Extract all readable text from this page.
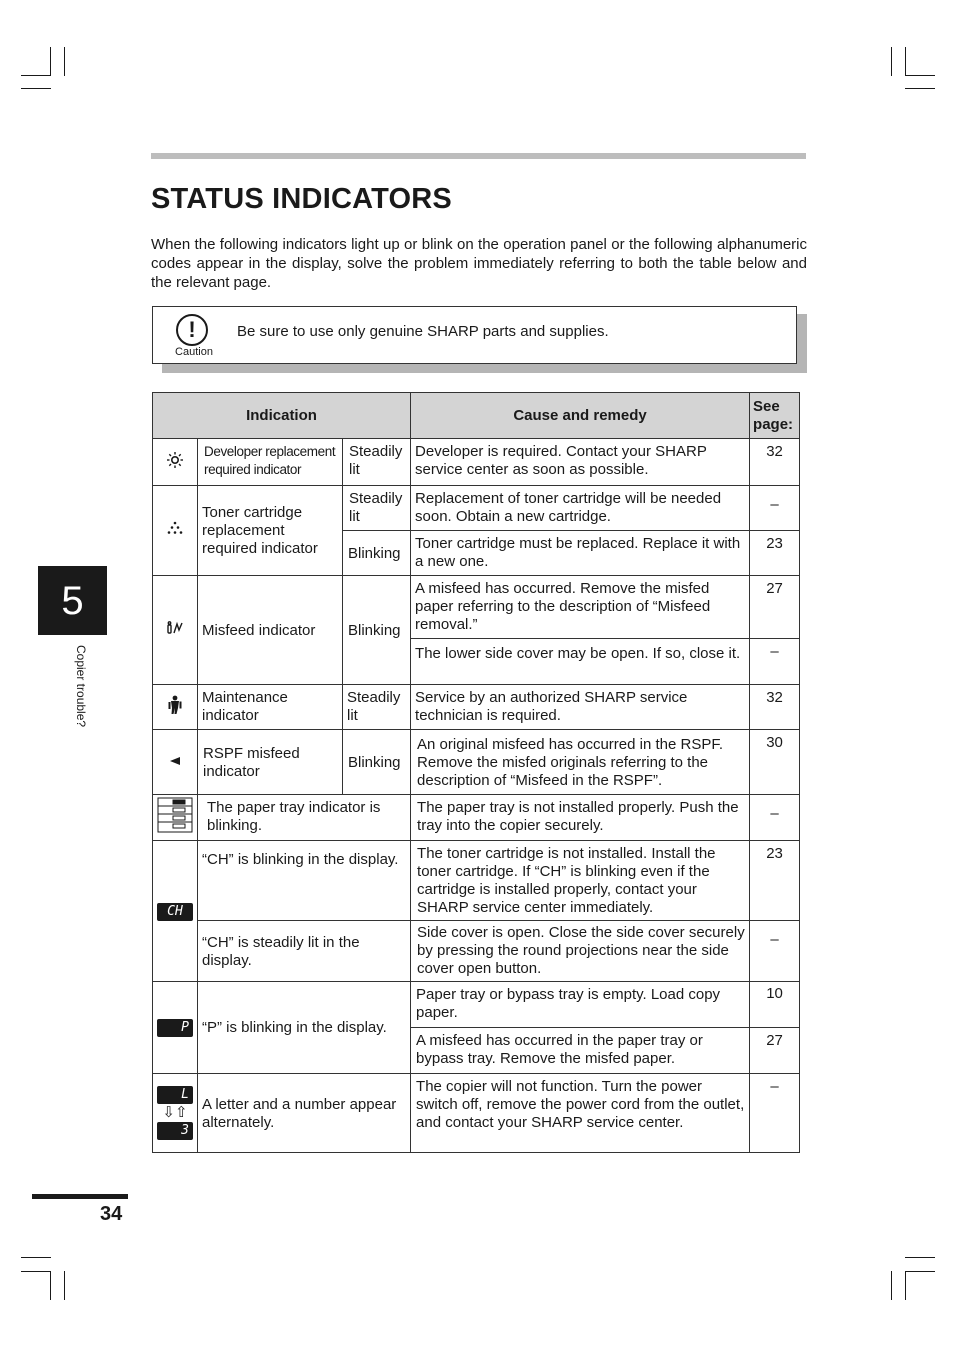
STATUS INDICATORS
When the following indicators light up or blink on the operation panel or the following alphanumeric codes appear in the display, solve the problem immediately referring to both the table below and the relevant page.
!
Caution
Be sure to use only genuine SHARP parts and supplies.
Indication			Cause and remedy	See page:
	Developer replacement required indicator	Steadily lit	Developer is required. Contact your SHARP service center as soon as possible.	32
	Toner cartridge replacement required indicator	Steadily lit	Replacement of toner cartridge will be needed soon. Obtain a new cartridge.	–
		Blinking	Toner cartridge must be replaced. Replace it with a new one.	23
	Misfeed indicator	Blinking	A misfeed has occurred. Remove the misfed paper referring to the description of “Misfeed removal.”	27
			The lower side cover may be open. If so, close it.	–
	Maintenance indicator	Steadily lit	Service by an authorized SHARP service technician is required.	32
	RSPF misfeed indicator	Blinking	An original misfeed has occurred in the RSPF. Remove the misfed originals referring to the description of “Misfeed in the RSPF”.	30
	The paper tray indicator is blinking.		The paper tray is not installed properly. Push the tray into the copier securely.	–
CH	“CH” is blinking in the display.		The toner cartridge is not installed. Install the toner cartridge. If “CH” is blinking even if the cartridge is installed properly, contact your SHARP service center immediately.	23
	“CH” is steadily lit in the display.		Side cover is open. Close the side cover securely by pressing the round projections near the side cover open button.	–
P	“P” is blinking in the display.		Paper tray or bypass tray is empty. Load copy paper.	10
			A misfeed has occurred in the paper tray or bypass tray. Remove the misfed paper.	27

L
⇩⇧
3	A letter and a number appear alternately.		The copier will not function. Turn the power switch off, remove the power cord from the outlet, and contact your SHARP service center.	–
5
Copier trouble?
34
